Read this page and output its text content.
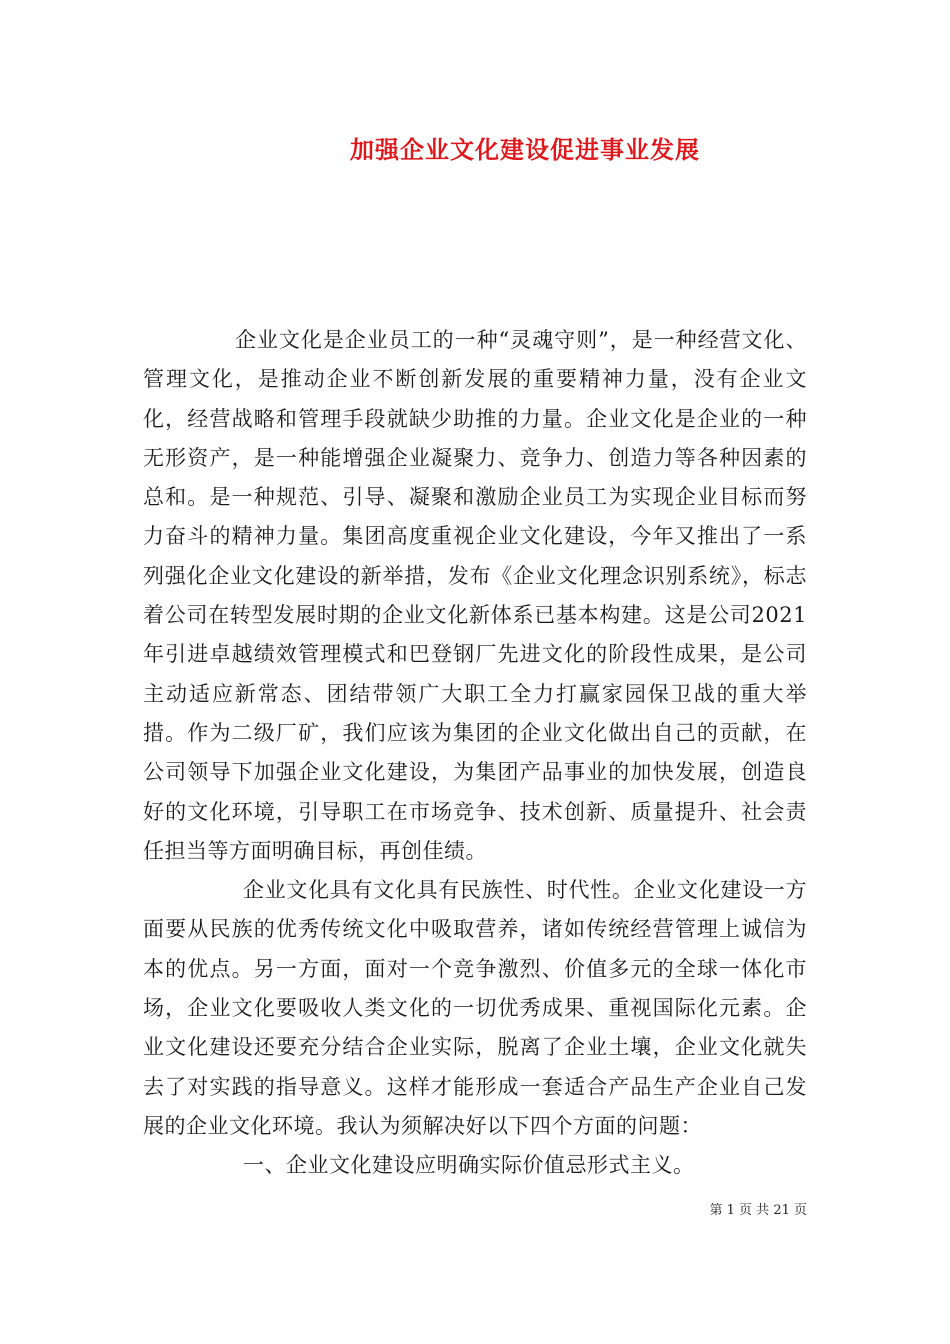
加强企业文化建设促进事业发展

企业文化是企业员工的一种“灵魂守则”，是一种经营文化、管理文化，是推动企业不断创新发展的重要精神力量，没有企业文化，经营战略和管理手段就缺少助推的力量。企业文化是企业的一种无形资产，是一种能增强企业凝聚力、竞争力、创造力等各种因素的总和。是一种规范、引导、凝聚和激励企业员工为实现企业目标而努力奋斗的精神力量。集团高度重视企业文化建设，今年又推出了一系列强化企业文化建设的新举措，发布《企业文化理念识别系统》，标志着公司在转型发展时期的企业文化新体系已基本构建。这是公司2021年引进卓越绩效管理模式和巴登钢厂先进文化的阶段性成果，是公司主动适应新常态、团结带领广大职工全力打赢家园保卫战的重大举措。作为二级厂矿，我们应该为集团的企业文化做出自己的贡献，在公司领导下加强企业文化建设，为集团产品事业的加快发展，创造良好的文化环境，引导职工在市场竞争、技术创新、质量提升、社会责任担当等方面明确目标，再创佳绩。

企业文化具有文化具有民族性、时代性。企业文化建设一方面要从民族的优秀传统文化中吸取营养，诸如传统经营管理上诚信为本的优点。另一方面，面对一个竞争激烈、价值多元的全球一体化市场，企业文化要吸收人类文化的一切优秀成果、重视国际化元素。企业文化建设还要充分结合企业实际，脱离了企业土壤，企业文化就失去了对实践的指导意义。这样才能形成一套适合产品生产企业自己发展的企业文化环境。我认为须解决好以下四个方面的问题：

一、企业文化建设应明确实际价值忌形式主义。

第 1 页 共 21 页
